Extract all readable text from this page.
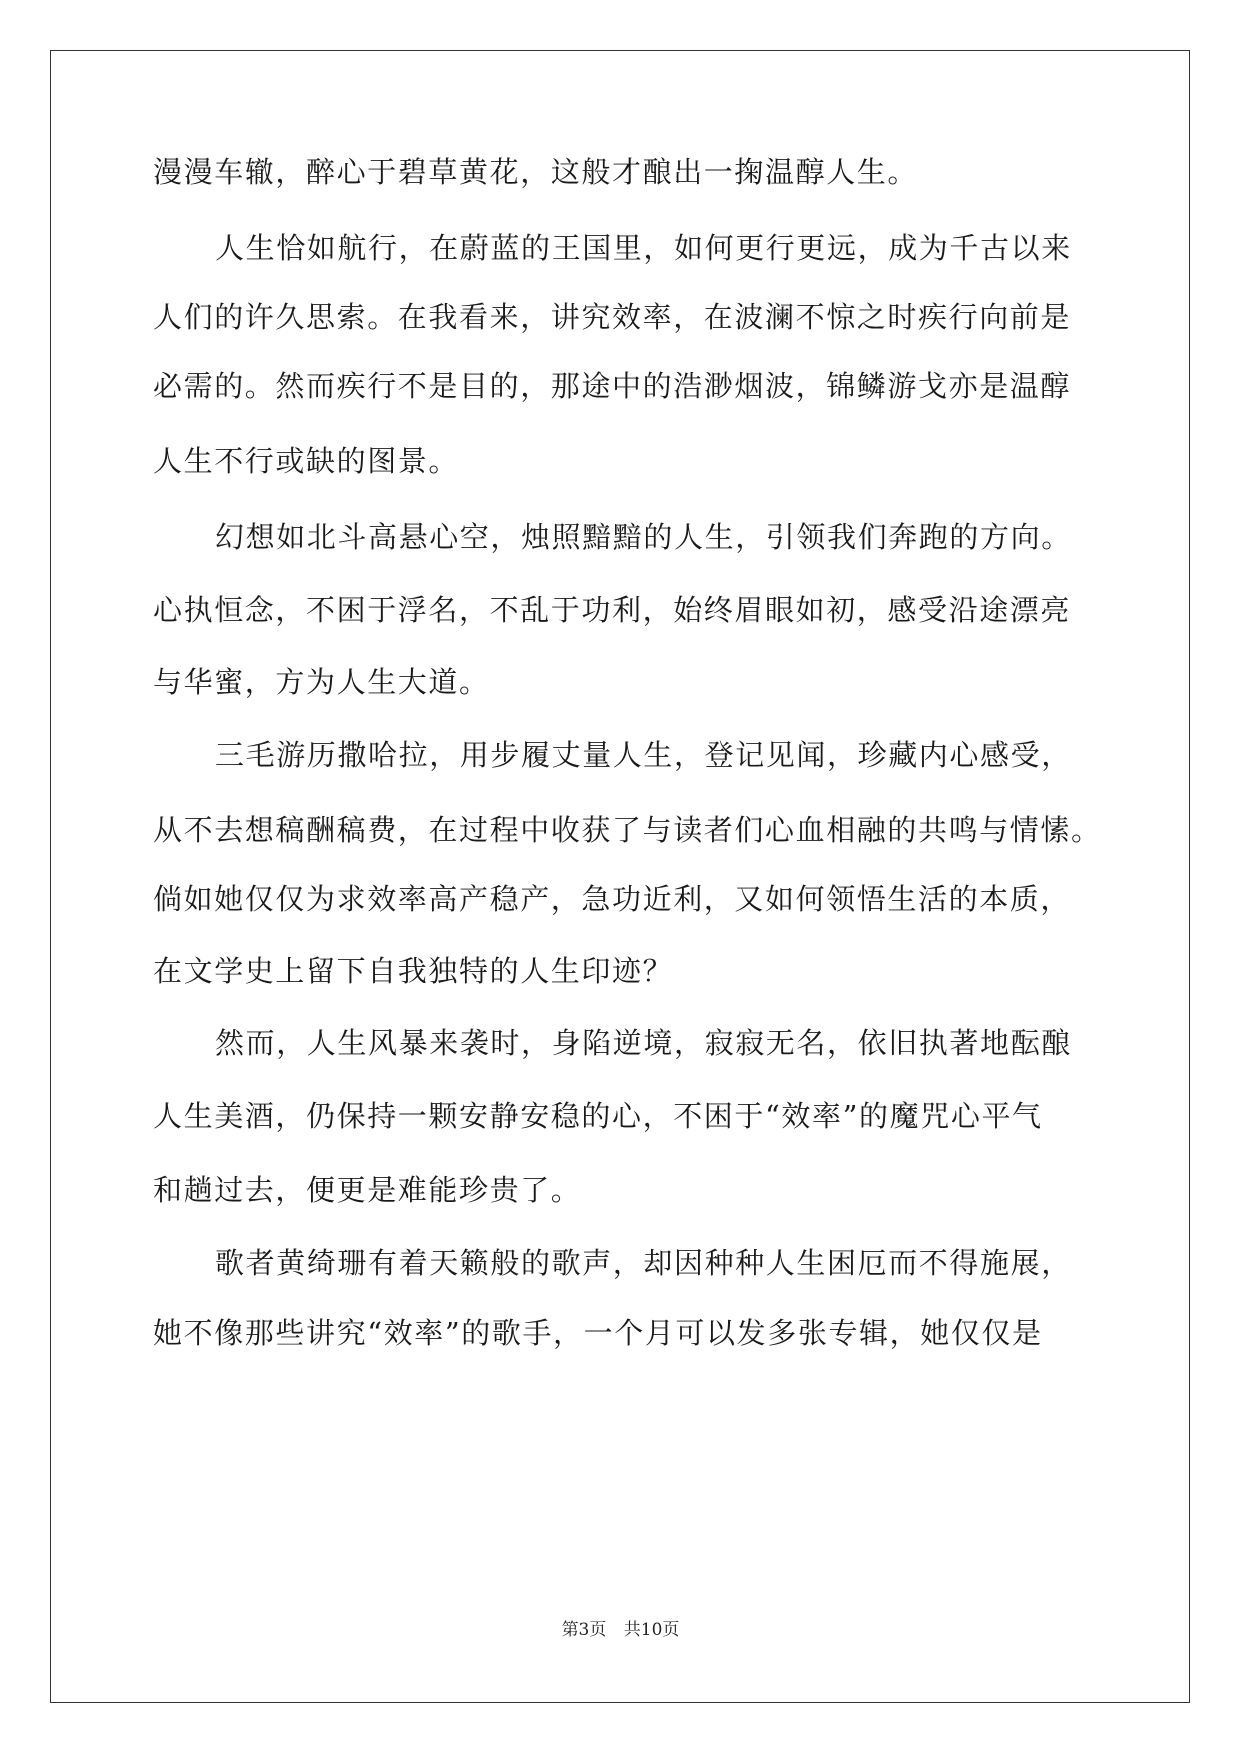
漫漫车辙，醉心于碧草黄花，这般才酿出一掬温醇人生。

人生恰如航行，在蔚蓝的王国里，如何更行更远，成为千古以来

人们的许久思索。在我看来，讲究效率，在波澜不惊之时疾行向前是

必需的。然而疾行不是目的，那途中的浩渺烟波，锦鳞游戈亦是温醇

人生不行或缺的图景。

幻想如北斗高悬心空，烛照黯黯的人生，引领我们奔跑的方向。

心执恒念，不困于浮名，不乱于功利，始终眉眼如初，感受沿途漂亮

与华蜜，方为人生大道。

三毛游历撒哈拉，用步履丈量人生，登记见闻，珍藏内心感受，

从不去想稿酬稿费，在过程中收获了与读者们心血相融的共鸣与情愫。

倘如她仅仅为求效率高产稳产，急功近利，又如何领悟生活的本质，

在文学史上留下自我独特的人生印迹？

然而，人生风暴来袭时，身陷逆境，寂寂无名，依旧执著地酝酿

人生美酒，仍保持一颗安静安稳的心，不困于“效率”的魔咒心平气

和趟过去，便更是难能珍贵了。

歌者黄绮珊有着天籁般的歌声，却因种种人生困厄而不得施展，

她不像那些讲究“效率”的歌手，一个月可以发多张专辑，她仅仅是

第3页 共10页
